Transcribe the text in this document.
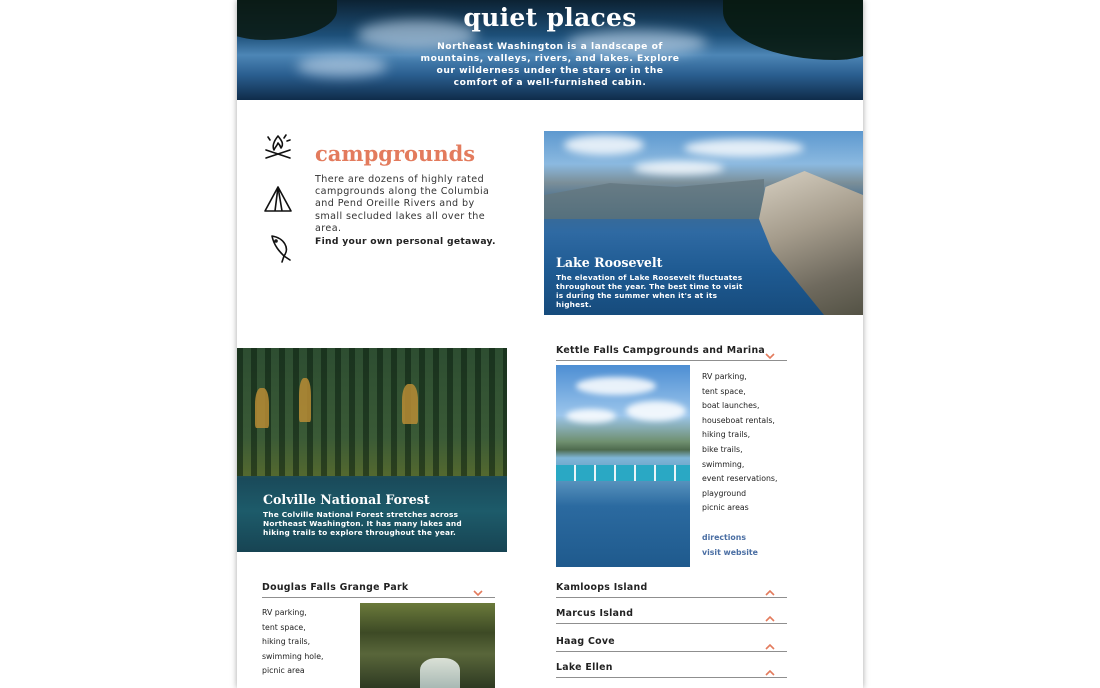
quiet places
Northeast Washington is a landscape of mountains, valleys, rivers, and lakes. Explore our wilderness under the stars or in the comfort of a well-furnished cabin.
campgrounds
There are dozens of highly rated campgrounds along the Columbia and Pend Oreille Rivers and by small secluded lakes all over the area.
Find your own personal getaway.
Lake Roosevelt
The elevation of Lake Roosevelt fluctuates throughout the year. The best time to visit is during the summer when it's at its highest.
Colville National Forest
The Colville National Forest stretches across Northeast Washington. It has many lakes and hiking trails to explore throughout the year.
Kettle Falls Campgrounds and Marina
RV parking,
tent space,
boat launches,
houseboat rentals,
hiking trails,
bike trails,
swimming,
event reservations,
playground
picnic areas
directions
visit website
Douglas Falls Grange Park
RV parking,
tent space,
hiking trails,
swimming hole,
picnic area
Kamloops Island
Marcus Island
Haag Cove
Lake Ellen
